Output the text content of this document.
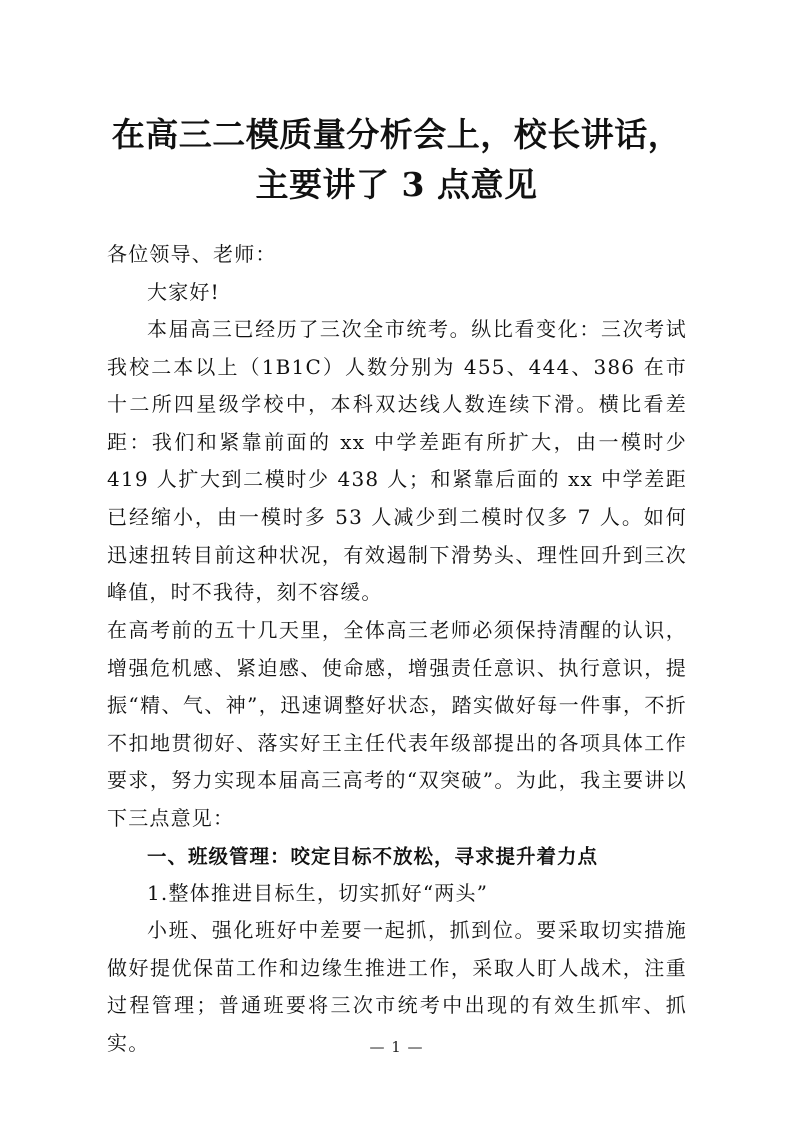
在高三二模质量分析会上，校长讲话，主要讲了 3 点意见
各位领导、老师：
大家好!
本届高三已经历了三次全市统考。纵比看变化：三次考试我校二本以上（1B1C）人数分别为 455、444、386 在市十二所四星级学校中，本科双达线人数连续下滑。横比看差距：我们和紧靠前面的 xx 中学差距有所扩大，由一模时少 419 人扩大到二模时少 438 人；和紧靠后面的 xx 中学差距已经缩小，由一模时多 53 人减少到二模时仅多 7 人。如何迅速扭转目前这种状况，有效遏制下滑势头、理性回升到三次峰值，时不我待，刻不容缓。
在高考前的五十几天里，全体高三老师必须保持清醒的认识，增强危机感、紧迫感、使命感，增强责任意识、执行意识，提振“精、气、神”，迅速调整好状态，踏实做好每一件事，不折不扣地贯彻好、落实好王主任代表年级部提出的各项具体工作要求，努力实现本届高三高考的“双突破”。为此，我主要讲以下三点意见：
一、班级管理：咬定目标不放松，寻求提升着力点
1.整体推进目标生，切实抓好“两头”
小班、强化班好中差要一起抓，抓到位。要采取切实措施做好提优保苗工作和边缘生推进工作，采取人盯人战术，注重过程管理；普通班要将三次市统考中出现的有效生抓牢、抓实。	— 1 —
